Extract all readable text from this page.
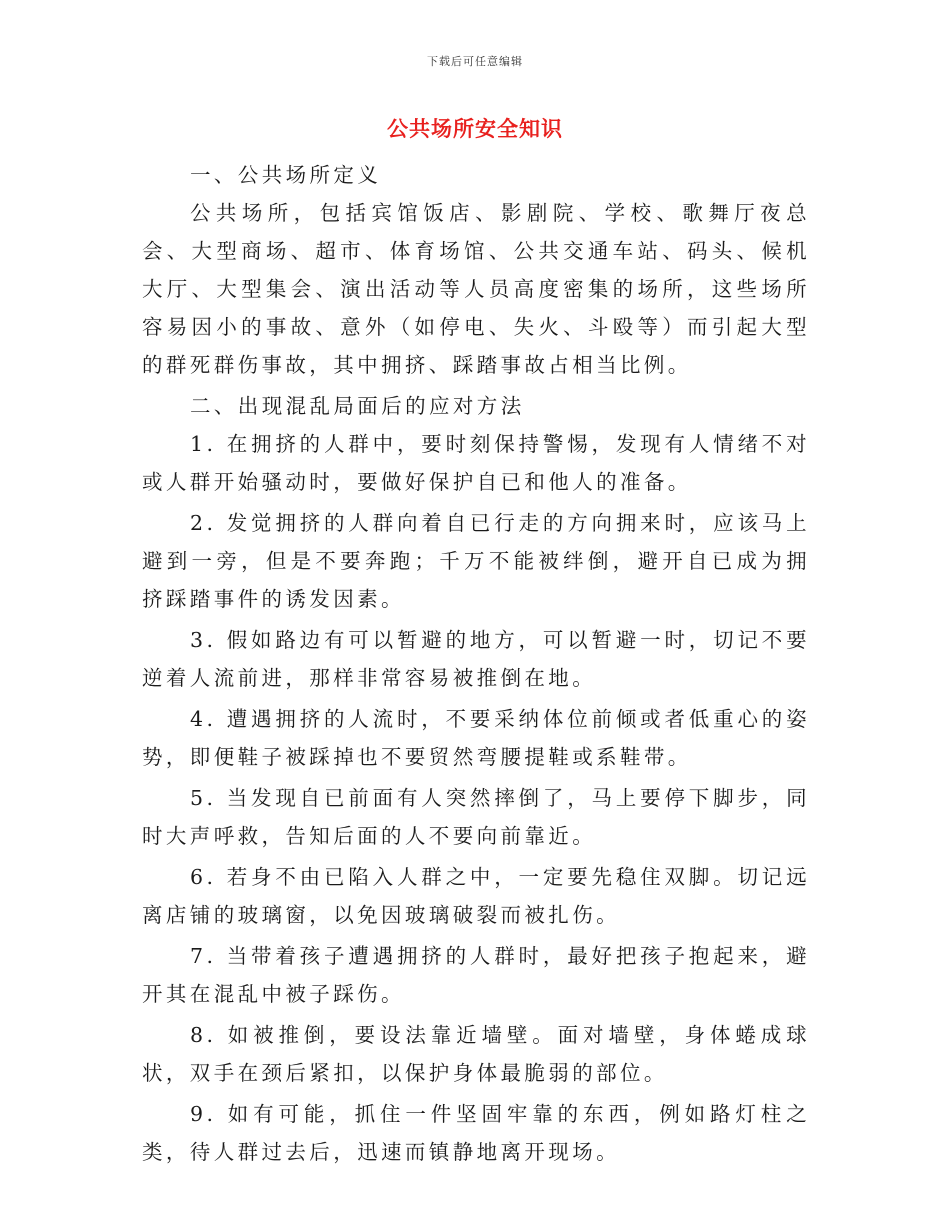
下载后可任意编辑
公共场所安全知识

一、公共场所定义

公共场所，包括宾馆饭店、影剧院、学校、歌舞厅夜总会、大型商场、超市、体育场馆、公共交通车站、码头、候机大厅、大型集会、演出活动等人员高度密集的场所，这些场所容易因小的事故、意外（如停电、失火、斗殴等）而引起大型的群死群伤事故，其中拥挤、踩踏事故占相当比例。

二、出现混乱局面后的应对方法

1. 在拥挤的人群中，要时刻保持警惕，发现有人情绪不对或人群开始骚动时，要做好保护自已和他人的准备。

2. 发觉拥挤的人群向着自已行走的方向拥来时，应该马上避到一旁，但是不要奔跑；千万不能被绊倒，避开自已成为拥挤踩踏事件的诱发因素。

3. 假如路边有可以暂避的地方，可以暂避一时，切记不要逆着人流前进，那样非常容易被推倒在地。

4. 遭遇拥挤的人流时，不要采纳体位前倾或者低重心的姿势，即便鞋子被踩掉也不要贸然弯腰提鞋或系鞋带。

5. 当发现自已前面有人突然摔倒了，马上要停下脚步，同时大声呼救，告知后面的人不要向前靠近。

6. 若身不由已陷入人群之中，一定要先稳住双脚。切记远离店铺的玻璃窗，以免因玻璃破裂而被扎伤。

7. 当带着孩子遭遇拥挤的人群时，最好把孩子抱起来，避开其在混乱中被子踩伤。

8. 如被推倒，要设法靠近墙壁。面对墙壁，身体蜷成球状，双手在颈后紧扣，以保护身体最脆弱的部位。

9. 如有可能，抓住一件坚固牢靠的东西，例如路灯柱之类，待人群过去后，迅速而镇静地离开现场。
